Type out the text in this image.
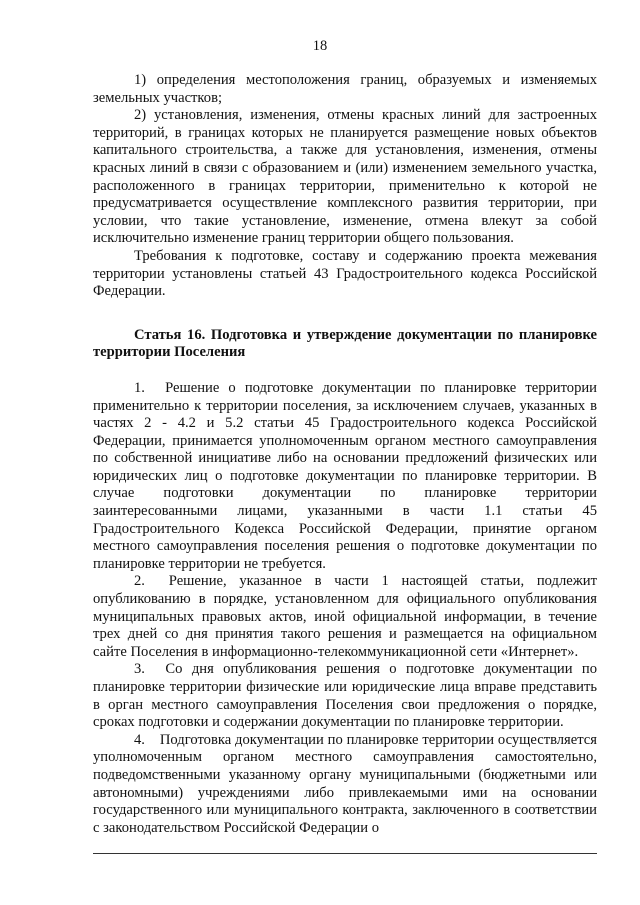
18

1) определения местоположения границ, образуемых и изменяемых земельных участков;

2) установления, изменения, отмены красных линий для застроенных территорий, в границах которых не планируется размещение новых объектов капитального строительства, а также для установления, изменения, отмены красных линий в связи с образованием и (или) изменением земельного участка, расположенного в границах территории, применительно к которой не предусматривается осуществление комплексного развития территории, при условии, что такие установление, изменение, отмена влекут за собой исключительно изменение границ территории общего пользования.

Требования к подготовке, составу и содержанию проекта межевания территории установлены статьей 43 Градостроительного кодекса Российской Федерации.

Статья 16. Подготовка и утверждение документации по планировке территории Поселения

1. Решение о подготовке документации по планировке территории применительно к территории поселения, за исключением случаев, указанных в частях 2 - 4.2 и 5.2 статьи 45 Градостроительного кодекса Российской Федерации, принимается уполномоченным органом местного самоуправления по собственной инициативе либо на основании предложений физических или юридических лиц о подготовке документации по планировке территории. В случае подготовки документации по планировке территории заинтересованными лицами, указанными в части 1.1 статьи 45 Градостроительного Кодекса Российской Федерации, принятие органом местного самоуправления поселения решения о подготовке документации по планировке территории не требуется.

2. Решение, указанное в части 1 настоящей статьи, подлежит опубликованию в порядке, установленном для официального опубликования муниципальных правовых актов, иной официальной информации, в течение трех дней со дня принятия такого решения и размещается на официальном сайте Поселения в информационно-телекоммуникационной сети «Интернет».

3. Со дня опубликования решения о подготовке документации по планировке территории физические или юридические лица вправе представить в орган местного самоуправления Поселения свои предложения о порядке, сроках подготовки и содержании документации по планировке территории.

4. Подготовка документации по планировке территории осуществляется уполномоченным органом местного самоуправления самостоятельно, подведомственными указанному органу муниципальными (бюджетными или автономными) учреждениями либо привлекаемыми ими на основании государственного или муниципального контракта, заключенного в соответствии с законодательством Российской Федерации о
